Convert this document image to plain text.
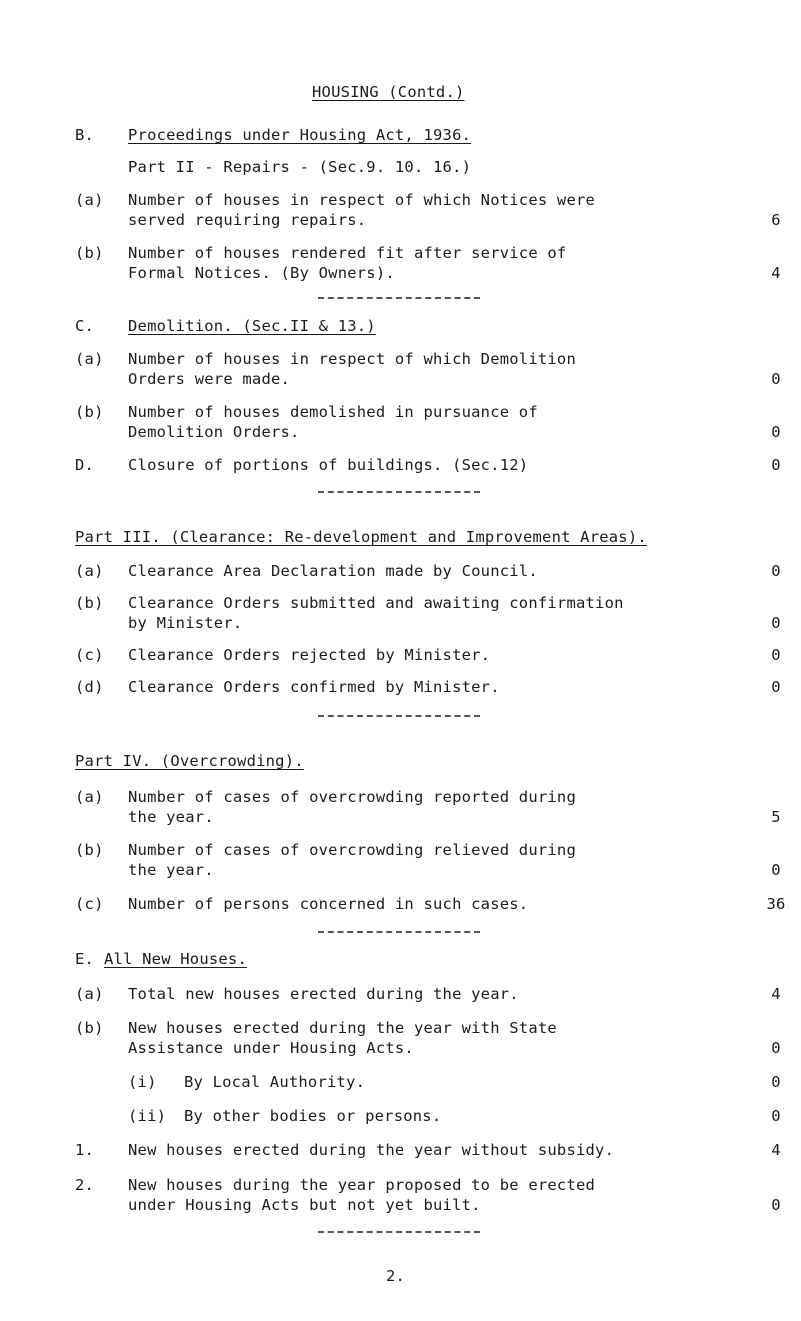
HOUSING (Contd.)
B. Proceedings under Housing Act, 1936.
Part II - Repairs - (Sec.9. 10. 16.)
(a) Number of houses in respect of which Notices were
served requiring repairs.	6
(b) Number of houses rendered fit after service of
Formal Notices. (By Owners).	4
C. Demolition. (Sec.II & 13.)
(a) Number of houses in respect of which Demolition
Orders were made.	0
(b) Number of houses demolished in pursuance of
Demolition Orders.	0
D. Closure of portions of buildings. (Sec.12)	0
Part III. (Clearance: Re-development and Improvement Areas).
(a) Clearance Area Declaration made by Council.	0
(b) Clearance Orders submitted and awaiting confirmation
by Minister.	0
(c) Clearance Orders rejected by Minister.	0
(d) Clearance Orders confirmed by Minister.	0
Part IV. (Overcrowding).
(a) Number of cases of overcrowding reported during
the year.	5
(b) Number of cases of overcrowding relieved during
the year.	0
(c) Number of persons concerned in such cases.	36
E. All New Houses.
(a) Total new houses erected during the year.	4
(b) New houses erected during the year with State
Assistance under Housing Acts.	0
(i) By Local Authority.	0
(ii) By other bodies or persons.	0
1. New houses erected during the year without subsidy.	4
2. New houses during the year proposed to be erected
under Housing Acts but not yet built.	0
2.
